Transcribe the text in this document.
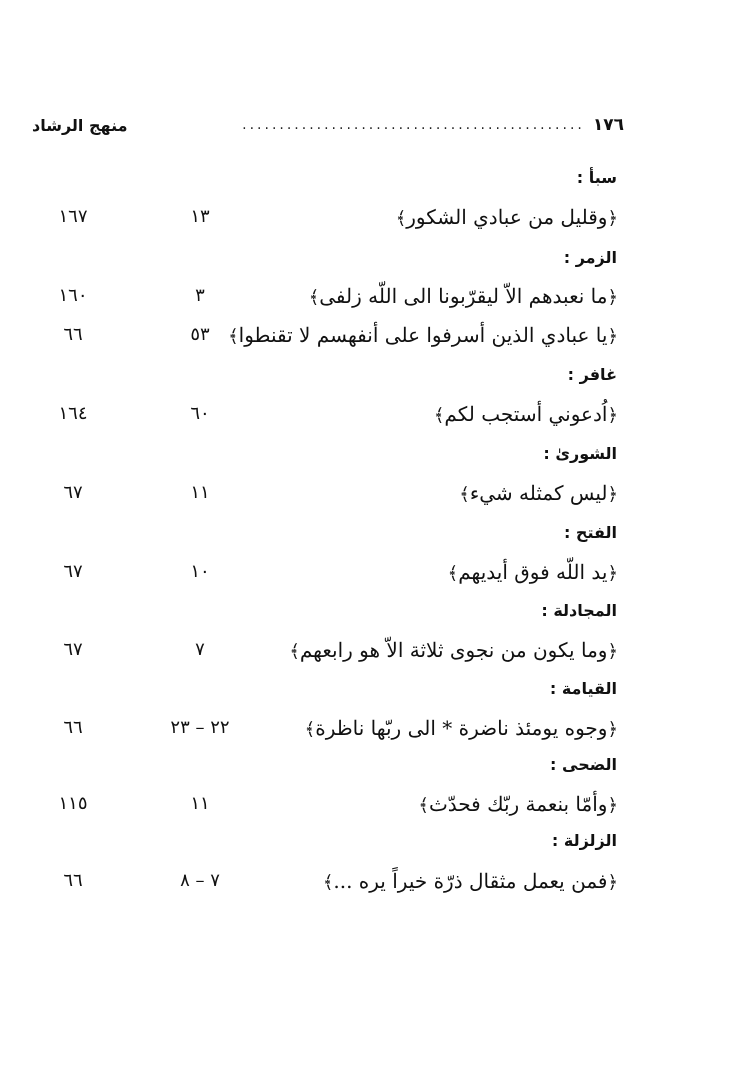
١٧٦
..............................................
منهج الرشاد
سبأ :
﴿وقليل من عبادي الشكور﴾
١٣
١٦٧
الزمر :
﴿ما نعبدهم الاّ ليقرّبونا الى اللّه زلفى﴾
٣
١٦٠
﴿يا عبادي الذين أسرفوا على أنفهسم لا تقنطوا﴾
٥٣
٦٦
غافر :
﴿اُدعوني أستجب لكم﴾
٦٠
١٦٤
الشوریٰ :
﴿ليس كمثله شيء﴾
١١
٦٧
الفتح :
﴿يد اللّه فوق أيديهم﴾
١٠
٦٧
المجادلة :
﴿وما يكون من نجوى ثلاثة الاّ هو رابعهم﴾
٧
٦٧
القيامة :
﴿وجوه يومئذ ناضرة * الى ربّها ناظرة﴾
٢٢ – ٢٣
٦٦
الضحى :
﴿وأمّا بنعمة ربّك فحدّث﴾
١١
١١٥
الزلزلة :
﴿فمن يعمل مثقال ذرّة خيراً يره ...﴾
٧ – ٨
٦٦
